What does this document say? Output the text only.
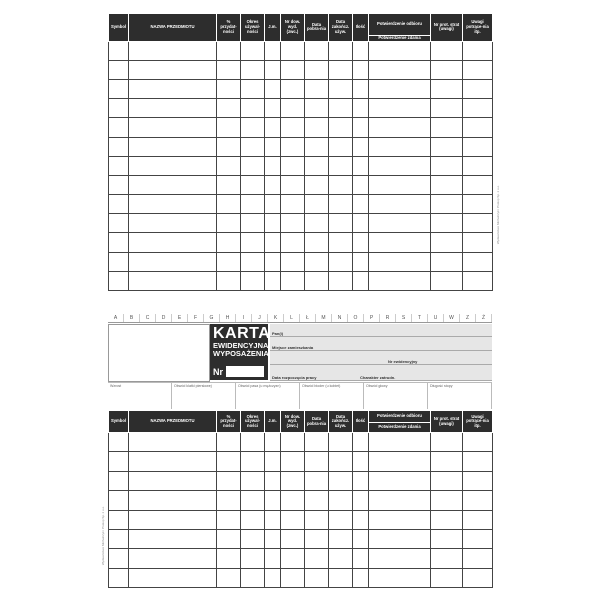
Symbol	NAZWA PRZEDMIOTU	% przydat-ności	Okres używal-ności	J.m.	Nr dow. wyd. (zwc.)	Data pobra-nia	Data zakończ. używ.	Ilość	Potwierdzenie odbioru	Nr prot. strat (uwagi)	Uwagi potrące-nia itp.
									Potwierdzenie zdania		

Wydawnictwo Michalczyk i Prokop Sp. z o.o.
A	B	C	D	E	F	G	H	I	J	K	L	Ł	M	N	O	P	R	S	T	U	W	Z	Ź
KARTA
EWIDENCYJNA
WYPOSAŻENIA
Nr
Pan(i)
Miejsce zamieszkania
Nr ewidencyjny
Data rozpoczęcia pracy	Charakter zatrudn.
Wzrost	Obwód klatki piersiowej	Obwód pasa (u mężczyzn)	Obwód bioder (u kobiet)	Obwód głowy	Długość stopy
Symbol	NAZWA PRZEDMIOTU	% przydat-ności	Okres używal-ności	J.m.	Nr dow. wyd. (zwc.)	Data pobra-nia	Data zakończ. używ.	Ilość	Potwierdzenie odbioru	Nr prot. strat (uwagi)	Uwagi potrące-nia itp.
									Potwierdzenie zdania		

Wydawnictwo Michalczyk i Prokop Sp. z o.o.
